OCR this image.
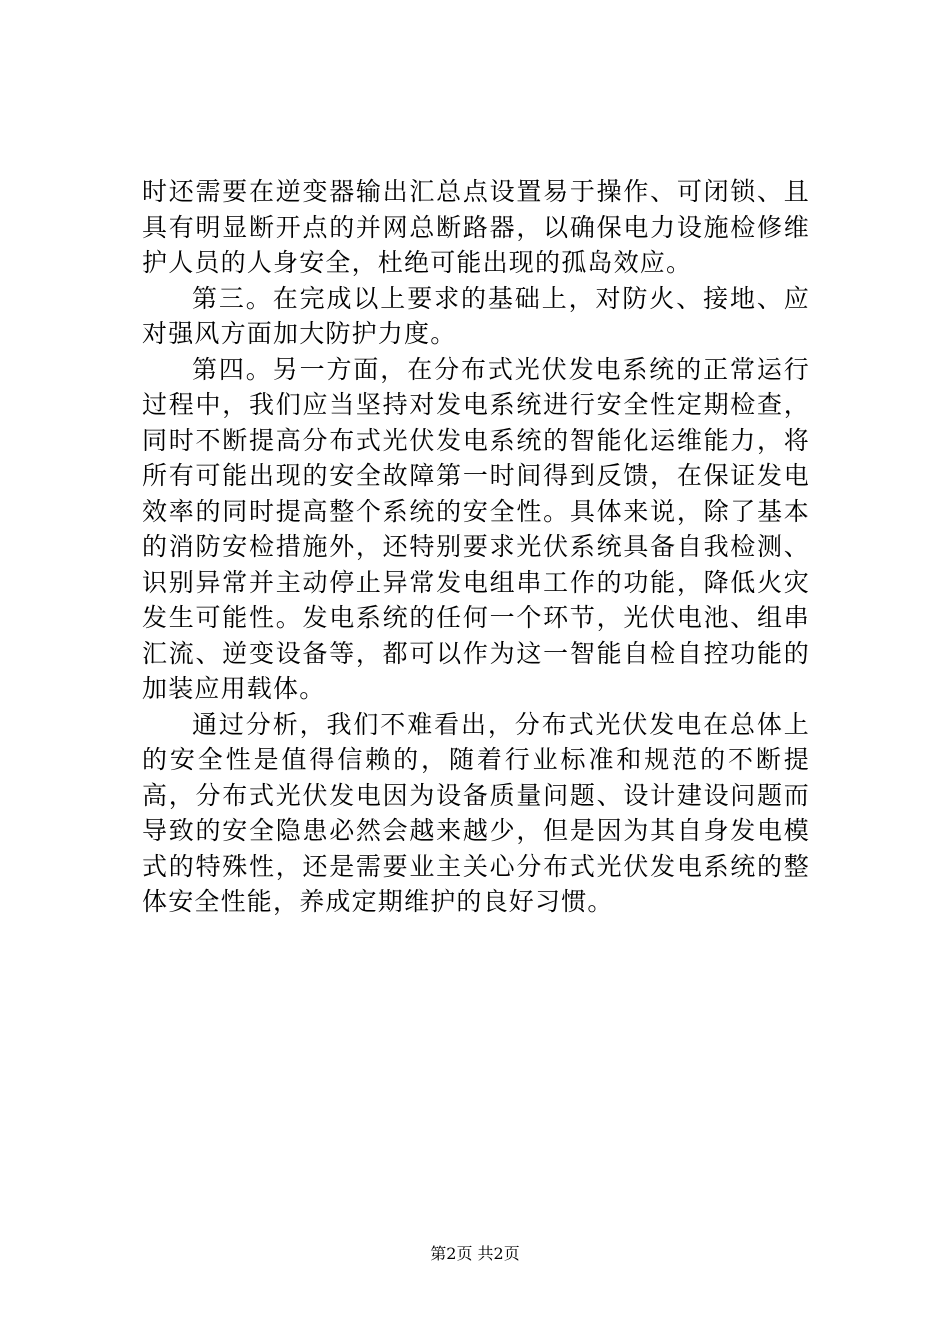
时还需要在逆变器输出汇总点设置易于操作、可闭锁、且具有明显断开点的并网总断路器，以确保电力设施检修维护人员的人身安全，杜绝可能出现的孤岛效应。

第三。在完成以上要求的基础上，对防火、接地、应对强风方面加大防护力度。

第四。另一方面，在分布式光伏发电系统的正常运行过程中，我们应当坚持对发电系统进行安全性定期检查，同时不断提高分布式光伏发电系统的智能化运维能力，将所有可能出现的安全故障第一时间得到反馈，在保证发电效率的同时提高整个系统的安全性。具体来说，除了基本的消防安检措施外，还特别要求光伏系统具备自我检测、识别异常并主动停止异常发电组串工作的功能，降低火灾发生可能性。发电系统的任何一个环节，光伏电池、组串汇流、逆变设备等，都可以作为这一智能自检自控功能的加装应用载体。

通过分析，我们不难看出，分布式光伏发电在总体上的安全性是值得信赖的，随着行业标准和规范的不断提高，分布式光伏发电因为设备质量问题、设计建设问题而导致的安全隐患必然会越来越少，但是因为其自身发电模式的特殊性，还是需要业主关心分布式光伏发电系统的整体安全性能，养成定期维护的良好习惯。

第2页 共2页
